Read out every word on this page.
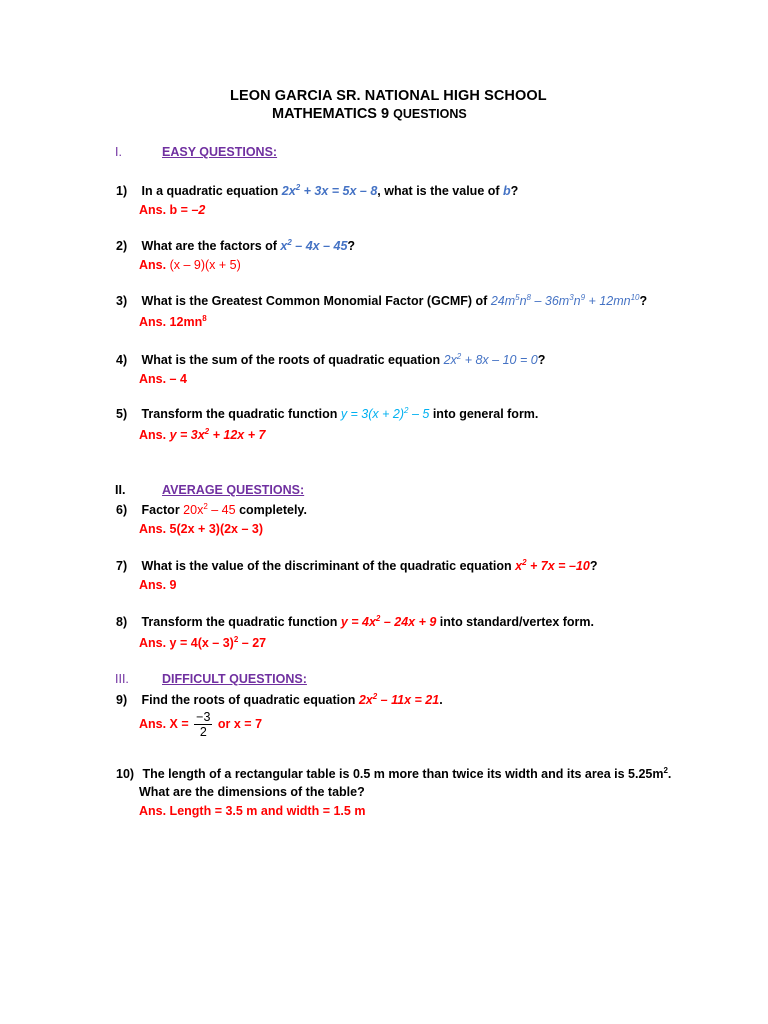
LEON GARCIA SR. NATIONAL HIGH SCHOOL
MATHEMATICS 9 QUESTIONS
I.	EASY QUESTIONS:
1) In a quadratic equation $2x^2 + 3x = 5x - 8$, what is the value of b?
Ans. b = –2
2) What are the factors of $x^2 - 4x - 45$?
Ans. (x – 9)(x + 5)
3) What is the Greatest Common Monomial Factor (GCMF) of $24m^5n^8 - 36m^3n^9 + 12mn^{10}$?
Ans. $12mn^8$
4) What is the sum of the roots of quadratic equation $2x^2 + 8x - 10 = 0$?
Ans. – 4
5) Transform the quadratic function $y = 3(x + 2)^2 - 5$ into general form.
Ans. $y = 3x^2 + 12x + 7$
II.	AVERAGE QUESTIONS:
6) Factor $20x^2 - 45$ completely.
Ans. 5(2x + 3)(2x – 3)
7) What is the value of the discriminant of the quadratic equation $x^2 + 7x = -10$?
Ans. 9
8) Transform the quadratic function $y = 4x^2 - 24x + 9$ into standard/vertex form.
Ans. y = 4(x – 3)$^2$ – 27
III.	DIFFICULT QUESTIONS:
9) Find the roots of quadratic equation $2x^2 - 11x = 21$.
Ans. $X = \frac{-3}{2}$ or x = 7
10) The length of a rectangular table is 0.5 m more than twice its width and its area is $5.25m^2$.
What are the dimensions of the table?
Ans. Length = 3.5 m and width = 1.5 m
